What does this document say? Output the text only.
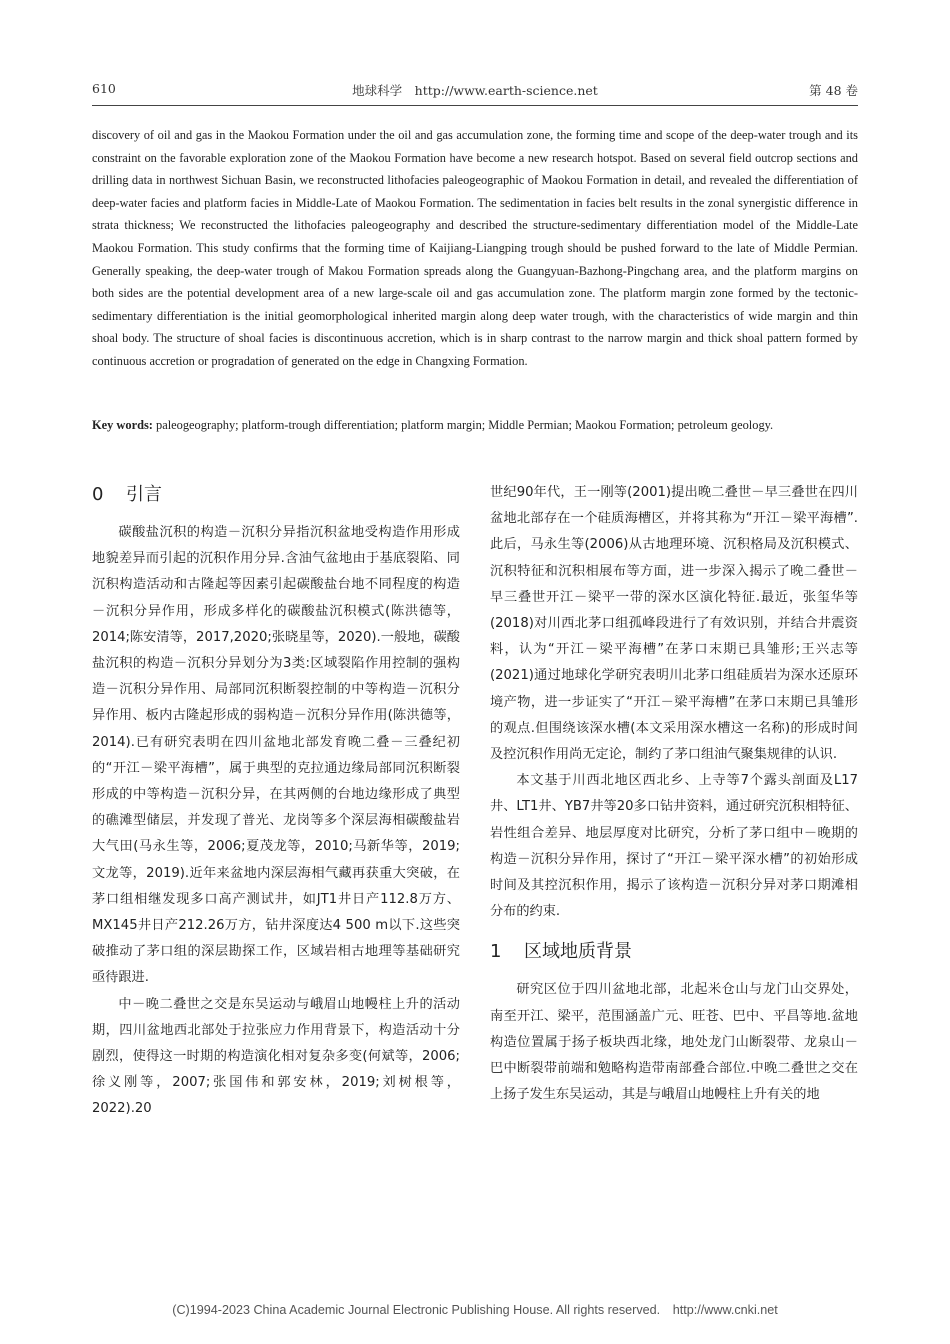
610	地球科学　http://www.earth-science.net	第 48 卷
discovery of oil and gas in the Maokou Formation under the oil and gas accumulation zone, the forming time and scope of the deep-water trough and its constraint on the favorable exploration zone of the Maokou Formation have become a new research hotspot. Based on several field outcrop sections and drilling data in northwest Sichuan Basin, we reconstructed lithofacies paleogeographic of Maokou Formation in detail, and revealed the differentiation of deep-water facies and platform facies in Middle-Late of Maokou Formation. The sedimentation in facies belt results in the zonal synergistic difference in strata thickness; We reconstructed the lithofacies paleogeography and described the structure-sedimentary differentiation model of the Middle-Late Maokou Formation. This study confirms that the forming time of Kaijiang-Liangping trough should be pushed forward to the late of Middle Permian. Generally speaking, the deep-water trough of Makou Formation spreads along the Guangyuan-Bazhong-Pingchang area, and the platform margins on both sides are the potential development area of a new large-scale oil and gas accumulation zone. The platform margin zone formed by the tectonic-sedimentary differentiation is the initial geomorphological inherited margin along deep water trough, with the characteristics of wide margin and thin shoal body. The structure of shoal facies is discontinuous accretion, which is in sharp contrast to the narrow margin and thick shoal pattern formed by continuous accretion or progradation of generated on the edge in Changxing Formation.
Key words: paleogeography; platform-trough differentiation; platform margin; Middle Permian; Maokou Formation; petroleum geology.
0 引言

碳酸盐沉积的构造－沉积分异指沉积盆地受构造作用形成地貌差异而引起的沉积作用分异.含油气盆地由于基底裂陷、同沉积构造活动和古隆起等因素引起碳酸盐台地不同程度的构造－沉积分异作用，形成多样化的碳酸盐沉积模式(陈洪德等，2014;陈安清等，2017,2020;张晓星等，2020).一般地，碳酸盐沉积的构造－沉积分异划分为3类:区域裂陷作用控制的强构造－沉积分异作用、局部同沉积断裂控制的中等构造－沉积分异作用、板内古隆起形成的弱构造－沉积分异作用(陈洪德等，2014).已有研究表明在四川盆地北部发育晚二叠－三叠纪初的“开江－梁平海槽”，属于典型的克拉通边缘局部同沉积断裂形成的中等构造－沉积分异，在其两侧的台地边缘形成了典型的礁滩型储层，并发现了普光、龙岗等多个深层海相碳酸盐岩大气田(马永生等，2006;夏茂龙等，2010;马新华等，2019;文龙等，2019).近年来盆地内深层海相气藏再获重大突破，在茅口组相继发现多口高产测试井，如JT1井日产112.8万方、MX145井日产212.26万方，钻井深度达4 500 m以下.这些突破推动了茅口组的深层勘探工作，区域岩相古地理等基础研究亟待跟进.

中－晚二叠世之交是东吴运动与峨眉山地幔柱上升的活动期，四川盆地西北部处于拉张应力作用背景下，构造活动十分剧烈，使得这一时期的构造演化相对复杂多变(何斌等，2006;徐义刚等，2007;张国伟和郭安林，2019;刘树根等，2022).20

世纪90年代，王一刚等(2001)提出晚二叠世－早三叠世在四川盆地北部存在一个硅质海槽区，并将其称为“开江－梁平海槽”.此后，马永生等(2006)从古地理环境、沉积格局及沉积模式、沉积特征和沉积相展布等方面，进一步深入揭示了晚二叠世－早三叠世开江－梁平一带的深水区演化特征.最近，张玺华等(2018)对川西北茅口组孤峰段进行了有效识别，并结合井震资料，认为“开江－梁平海槽”在茅口末期已具雏形;王兴志等(2021)通过地球化学研究表明川北茅口组硅质岩为深水还原环境产物，进一步证实了“开江－梁平海槽”在茅口末期已具雏形的观点.但围绕该深水槽(本文采用深水槽这一名称)的形成时间及控沉积作用尚无定论，制约了茅口组油气聚集规律的认识.

本文基于川西北地区西北乡、上寺等7个露头剖面及L17井、LT1井、YB7井等20多口钻井资料，通过研究沉积相特征、岩性组合差异、地层厚度对比研究，分析了茅口组中－晚期的构造－沉积分异作用，探讨了“开江－梁平深水槽”的初始形成时间及其控沉积作用，揭示了该构造－沉积分异对茅口期滩相分布的约束.

1 区域地质背景

研究区位于四川盆地北部，北起米仓山与龙门山交界处，南至开江、梁平，范围涵盖广元、旺苍、巴中、平昌等地.盆地构造位置属于扬子板块西北缘，地处龙门山断裂带、龙泉山－巴中断裂带前端和勉略构造带南部叠合部位.中晚二叠世之交在上扬子发生东吴运动，其是与峨眉山地幔柱上升有关的地

(C)1994-2023 China Academic Journal Electronic Publishing House. All rights reserved.　http://www.cnki.net
